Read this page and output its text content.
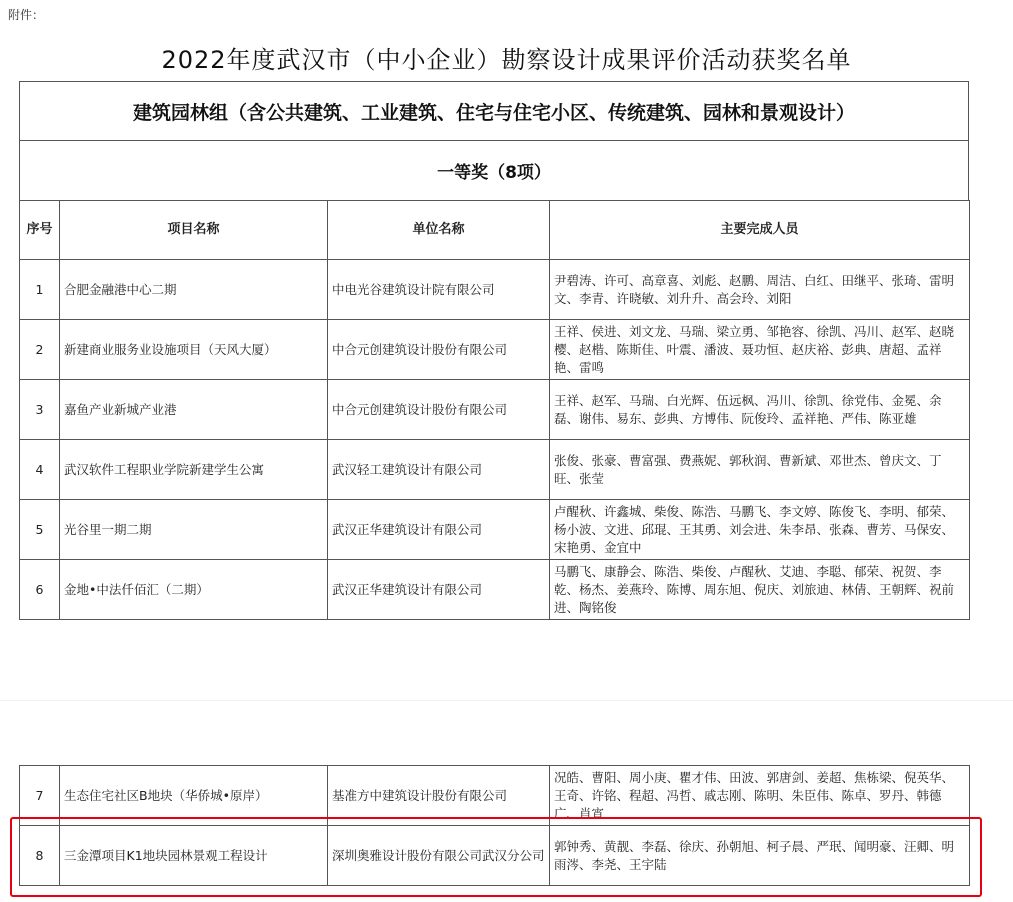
附件：
2022年度武汉市（中小企业）勘察设计成果评价活动获奖名单
建筑园林组（含公共建筑、工业建筑、住宅与住宅小区、传统建筑、园林和景观设计）
一等奖（8项）
序号	项目名称	单位名称	主要完成人员
1	合肥金融港中心二期	中电光谷建筑设计院有限公司	尹碧涛、许可、高章喜、刘彪、赵鹏、周洁、白红、田继平、张琦、雷明文、李青、许晓敏、刘升升、高会玲、刘阳
2	新建商业服务业设施项目（天风大厦）	中合元创建筑设计股份有限公司	王祥、侯进、刘文龙、马瑞、梁立勇、邹艳容、徐凯、冯川、赵军、赵晓樱、赵楷、陈斯佳、叶震、潘波、聂功恒、赵庆裕、彭典、唐超、孟祥艳、雷鸣
3	嘉鱼产业新城产业港	中合元创建筑设计股份有限公司	王祥、赵军、马瑞、白光辉、伍远枫、冯川、徐凯、徐党伟、金冕、余磊、谢伟、易东、彭典、方博伟、阮俊玲、孟祥艳、严伟、陈亚雄
4	武汉软件工程职业学院新建学生公寓	武汉轻工建筑设计有限公司	张俊、张豪、曹富强、费燕妮、郭秋润、曹新斌、邓世杰、曾庆文、丁旺、张莹
5	光谷里一期二期	武汉正华建筑设计有限公司	卢醒秋、许鑫城、柴俊、陈浩、马鹏飞、李文婷、陈俊飞、李明、郁荣、杨小波、文进、邱琨、王其勇、刘会进、朱李昂、张森、曹芳、马保安、宋艳勇、金宜中
6	金地•中法仟佰汇（二期）	武汉正华建筑设计有限公司	马鹏飞、康静会、陈浩、柴俊、卢醒秋、艾迪、李聪、郁荣、祝贺、李乾、杨杰、姜燕玲、陈博、周东旭、倪庆、刘旅迪、林倩、王朝辉、祝前进、陶铭俊
7	生态住宅社区B地块（华侨城•原岸）	基准方中建筑设计股份有限公司	况皓、曹阳、周小庚、瞿才伟、田波、郭唐剑、姜超、焦栋梁、倪英华、王奇、许铭、程超、冯哲、戚志刚、陈明、朱臣伟、陈卓、罗丹、韩德广、肖宵
8	三金潭项目K1地块园林景观工程设计	深圳奥雅设计股份有限公司武汉分公司	郭钟秀、黄靓、李磊、徐庆、孙朝旭、柯子晨、严珉、闻明豪、汪卿、明雨涔、李尧、王宇陆
